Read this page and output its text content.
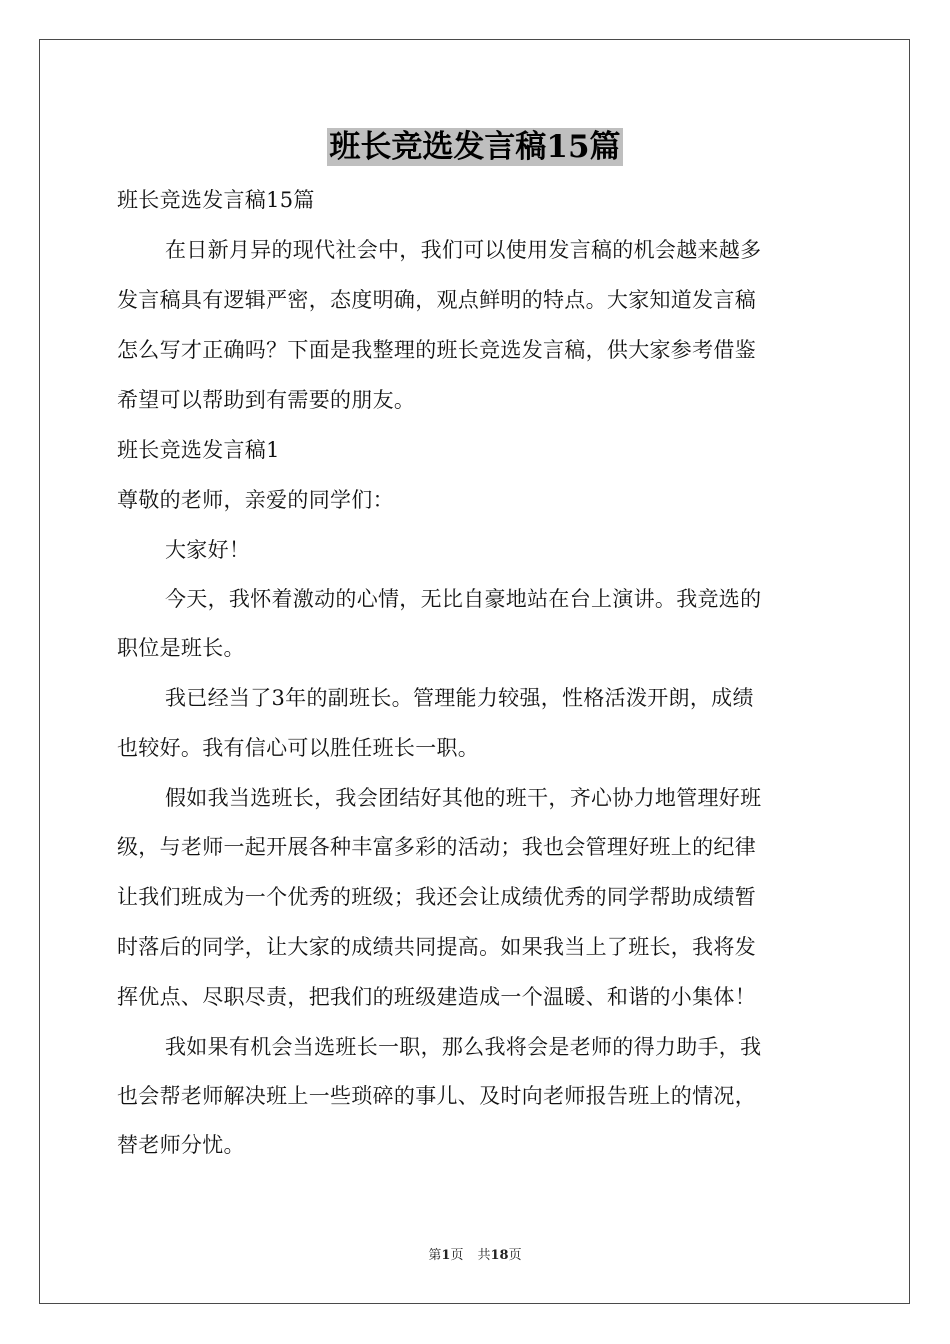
班长竞选发言稿15篇
班长竞选发言稿15篇
在日新月异的现代社会中，我们可以使用发言稿的机会越来越多
发言稿具有逻辑严密，态度明确，观点鲜明的特点。大家知道发言稿
怎么写才正确吗？下面是我整理的班长竞选发言稿，供大家参考借鉴
希望可以帮助到有需要的朋友。
班长竞选发言稿1
尊敬的老师，亲爱的同学们：
大家好！
今天，我怀着激动的心情，无比自豪地站在台上演讲。我竞选的
职位是班长。
我已经当了3年的副班长。管理能力较强，性格活泼开朗，成绩
也较好。我有信心可以胜任班长一职。
假如我当选班长，我会团结好其他的班干，齐心协力地管理好班
级，与老师一起开展各种丰富多彩的活动；我也会管理好班上的纪律
让我们班成为一个优秀的班级；我还会让成绩优秀的同学帮助成绩暂
时落后的同学，让大家的成绩共同提高。如果我当上了班长，我将发
挥优点、尽职尽责，把我们的班级建造成一个温暖、和谐的小集体！
我如果有机会当选班长一职，那么我将会是老师的得力助手，我
也会帮老师解决班上一些琐碎的事儿、及时向老师报告班上的情况，
替老师分忧。
第1页 共18页
